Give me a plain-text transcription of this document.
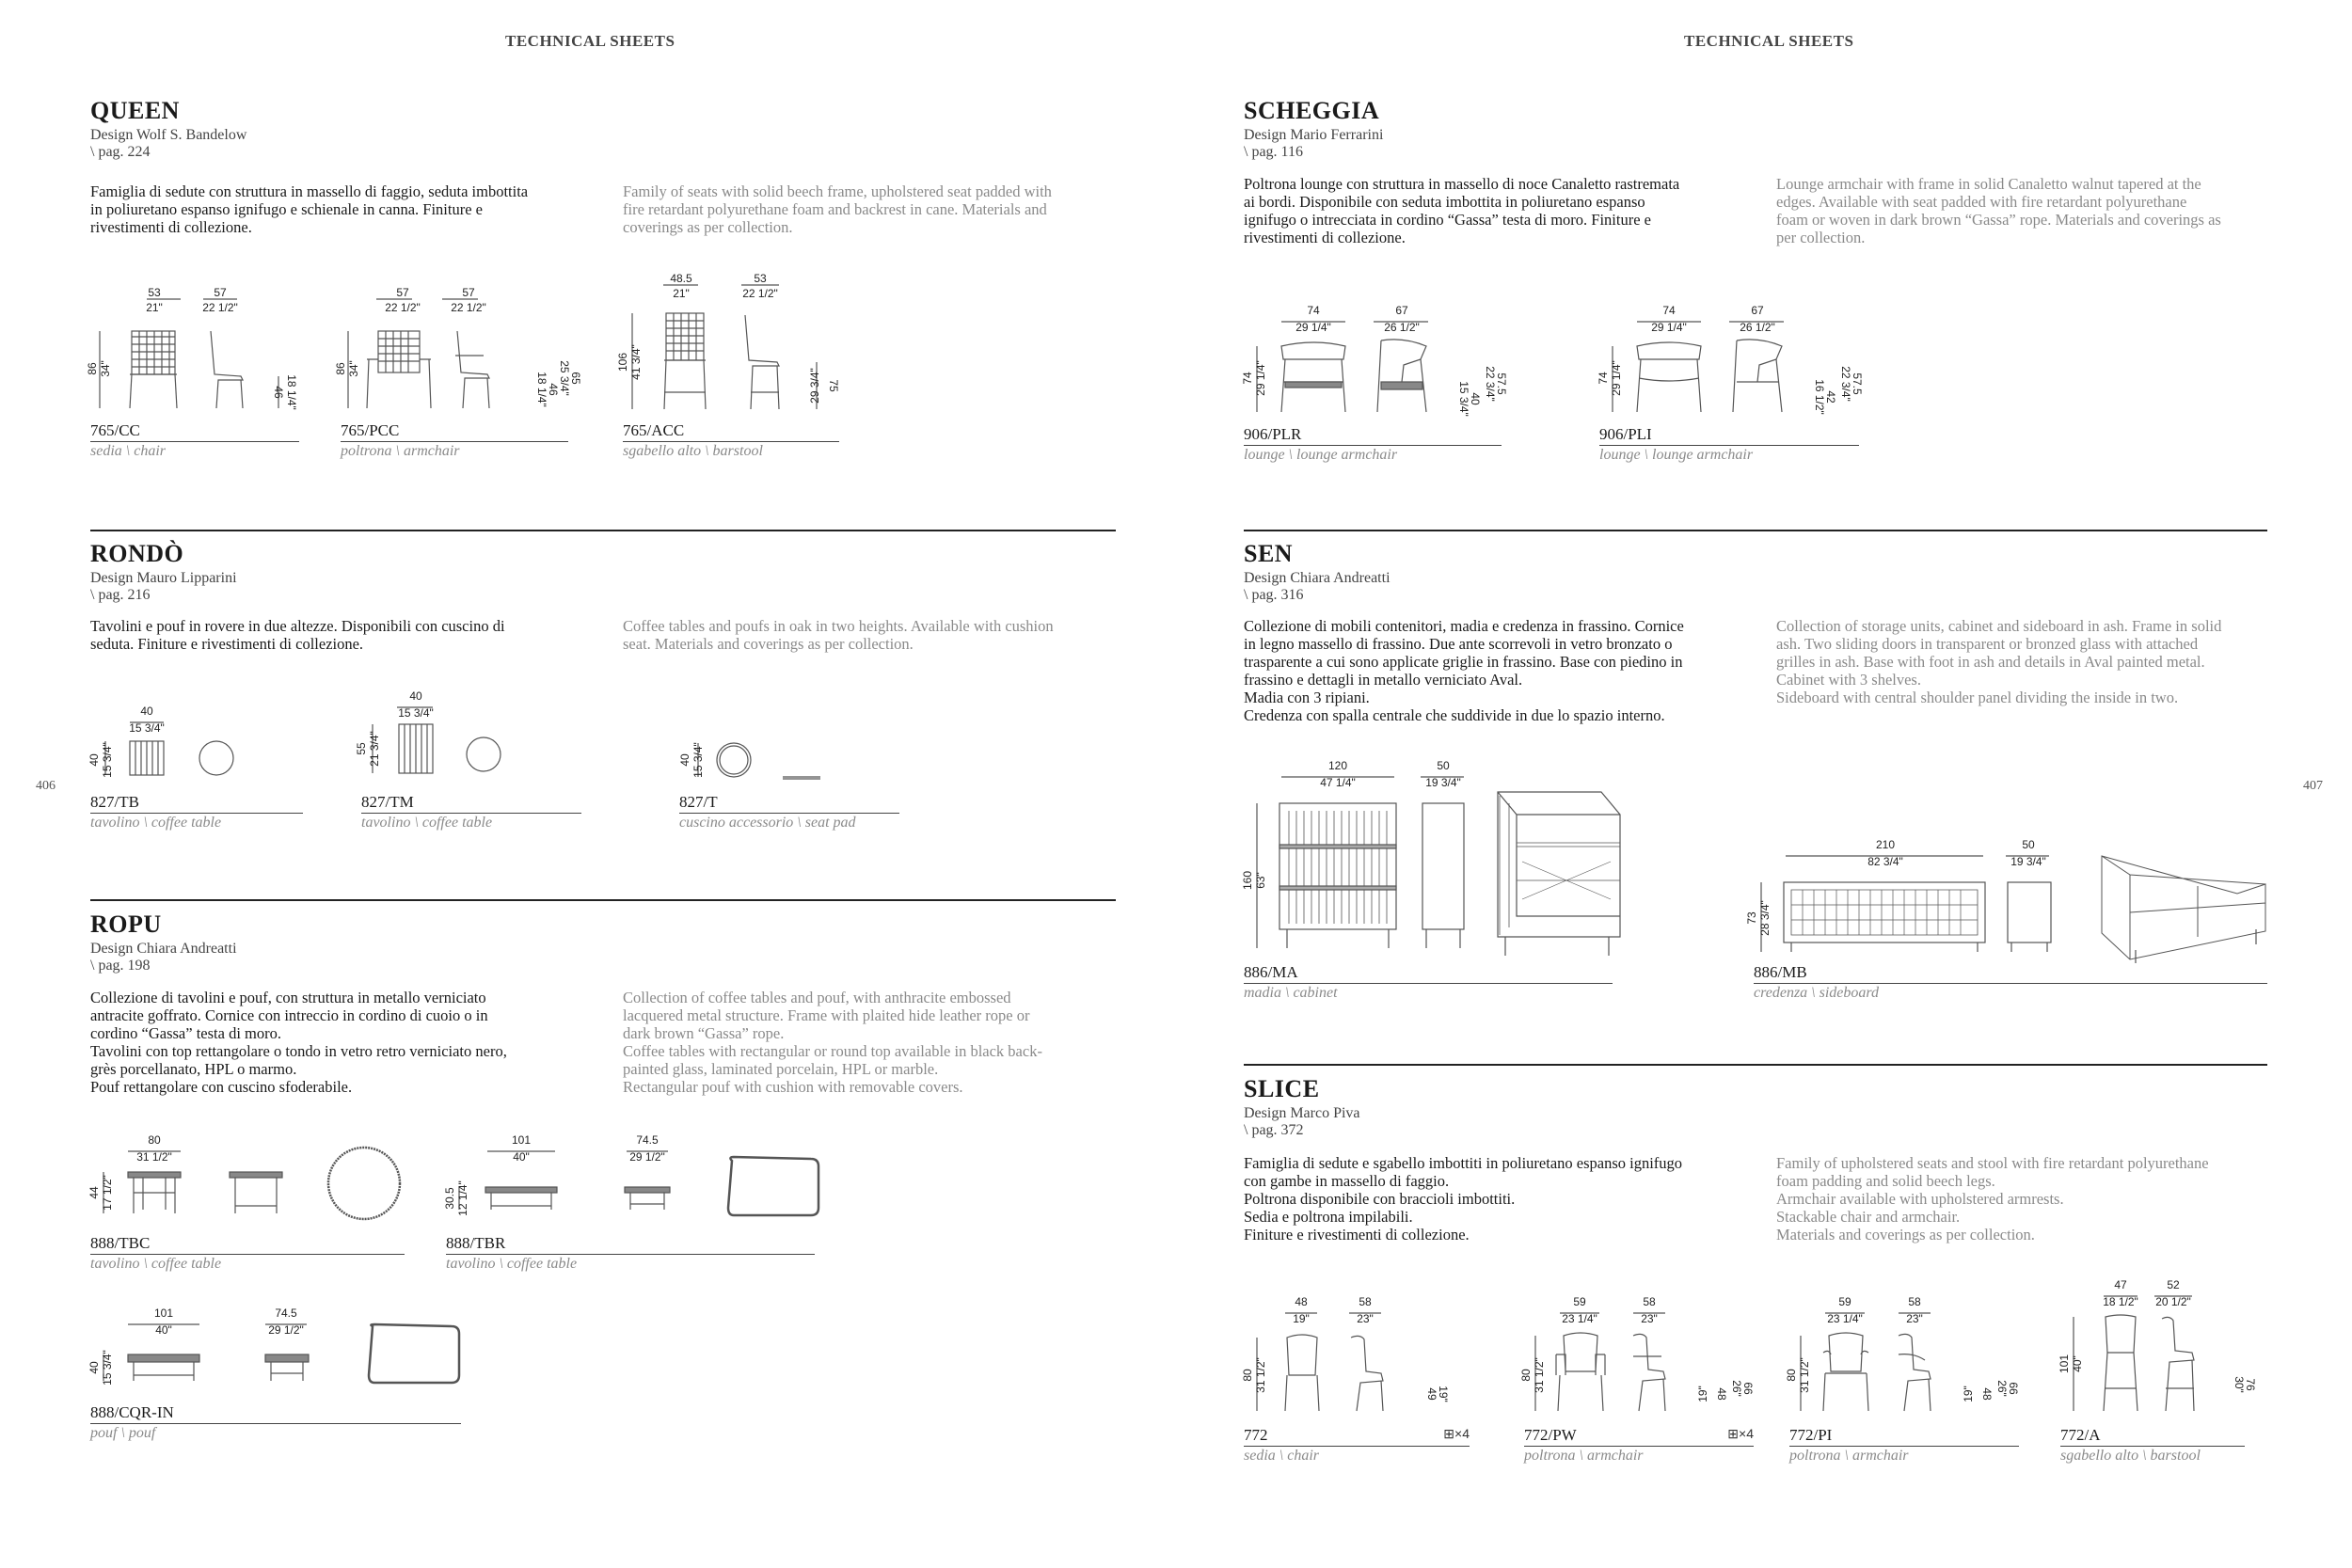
TECHNICAL SHEETS	TECHNICAL SHEETS
406	407
QUEEN
Design Wolf S. Bandelow
\ pag. 224
Famiglia di sedute con struttura in massello di faggio, seduta imbottita
in poliuretano espanso ignifugo e schienale in canna. Finiture e
rivestimenti di collezione.
Family of seats with solid beech frame, upholstered seat padded with
fire retardant polyurethane foam and backrest in cane. Materials and
coverings as per collection.
53
21"
57
22 1/2"
86 34"
46 18 1/4"
765/CC
sedia \ chair
57
22 1/2"
57
22 1/2"
86 34"
65
25 3/4"
46
18 1/4"
765/PCC
poltrona \ armchair
48.5
21"
53
22 1/2"
106 41 3/4"
75
29 3/4"
765/ACC
sgabello alto \ barstool
RONDÒ
Design Mauro Lipparini
\ pag. 216
Tavolini e pouf in rovere in due altezze. Disponibili con cuscino di
seduta. Finiture e rivestimenti di collezione.
Coffee tables and poufs in oak in two heights. Available with cushion
seat. Materials and coverings as per collection.
40
15 3/4"
40 15 3/4"
827/TB
tavolino \ coffee table
40
15 3/4"
55 21 3/4"
827/TM
tavolino \ coffee table
40 15 3/4"
827/T
cuscino accessorio \ seat pad
ROPU
Design Chiara Andreatti
\ pag. 198
Collezione di tavolini e pouf, con struttura in metallo verniciato
antracite goffrato. Cornice con intreccio in cordino di cuoio o in
cordino “Gassa” testa di moro.
Tavolini con top rettangolare o tondo in vetro retro verniciato nero,
grès porcellanato, HPL o marmo.
Pouf rettangolare con cuscino sfoderabile.
Collection of coffee tables and pouf, with anthracite embossed
lacquered metal structure. Frame with plaited hide leather rope or
dark brown “Gassa” rope.
Coffee tables with rectangular or round top available in black back-
painted glass, laminated porcelain, HPL or marble.
Rectangular pouf with cushion with removable covers.
80
31 1/2"
44 17 1/2"
888/TBC
tavolino \ coffee table
101
40"
74.5
29 1/2"
30.5 12 1/4"
888/TBR
tavolino \ coffee table
101
40"
74.5
29 1/2"
40 15 3/4"
888/CQR-IN
pouf \ pouf
SCHEGGIA
Design Mario Ferrarini
\ pag. 116
Poltrona lounge con struttura in massello di noce Canaletto rastremata
ai bordi. Disponibile con seduta imbottita in poliuretano espanso
ignifugo o intrecciata in cordino “Gassa” testa di moro. Finiture e
rivestimenti di collezione.
Lounge armchair with frame in solid Canaletto walnut tapered at the
edges. Available with seat padded with fire retardant polyurethane
foam or woven in dark brown “Gassa” rope. Materials and coverings as
per collection.
74
29 1/4"
67
26 1/2"
74 29 1/4"	57.5
22 3/4"
40
15 3/4"
906/PLR
lounge \ lounge armchair
74
29 1/4"
67
26 1/2"
74 29 1/4"	57.5
22 3/4"
42
16 1/2"
906/PLI
lounge \ lounge armchair
SEN
Design Chiara Andreatti
\ pag. 316
Collezione di mobili contenitori, madia e credenza in frassino. Cornice
in legno massello di frassino. Due ante scorrevoli in vetro bronzato o
trasparente a cui sono applicate griglie in frassino. Base con piedino in
frassino e dettagli in metallo verniciato Aval.
Madia con 3 ripiani.
Credenza con spalla centrale che suddivide in due lo spazio interno.
Collection of storage units, cabinet and sideboard in ash. Frame in solid
ash. Two sliding doors in transparent or bronzed glass with attached
grilles in ash. Base with foot in ash and details in Aval painted metal.
Cabinet with 3 shelves.
Sideboard with central shoulder panel dividing the inside in two.
120
47 1/4"
50
19 3/4"
160 63"
886/MA
madia \ cabinet
210
82 3/4"
50
19 3/4"
73 28 3/4"
886/MB
credenza \ sideboard
SLICE
Design Marco Piva
\ pag. 372
Famiglia di sedute e sgabello imbottiti in poliuretano espanso ignifugo
con gambe in massello di faggio.
Poltrona disponibile con braccioli imbottiti.
Sedia e poltrona impilabili.
Finiture e rivestimenti di collezione.
Family of upholstered seats and stool with fire retardant polyurethane
foam padding and solid beech legs.
Armchair available with upholstered armrests.
Stackable chair and armchair.
Materials and coverings as per collection.
48
19"
58
23"
80 31 1/2"
49
19"
772
sedia \ chair
⊞×4
59
23 1/4"
58
23"
80 31 1/2"	66
26"
48
19"
772/PW
poltrona \ armchair
⊞×4
59
23 1/4"
58
23"
80 31 1/2"	66
26"
48
19"
772/PI
poltrona \ armchair
47
18 1/2"
52
20 1/2"
101 40"
76
30"
772/A
sgabello alto \ barstool
